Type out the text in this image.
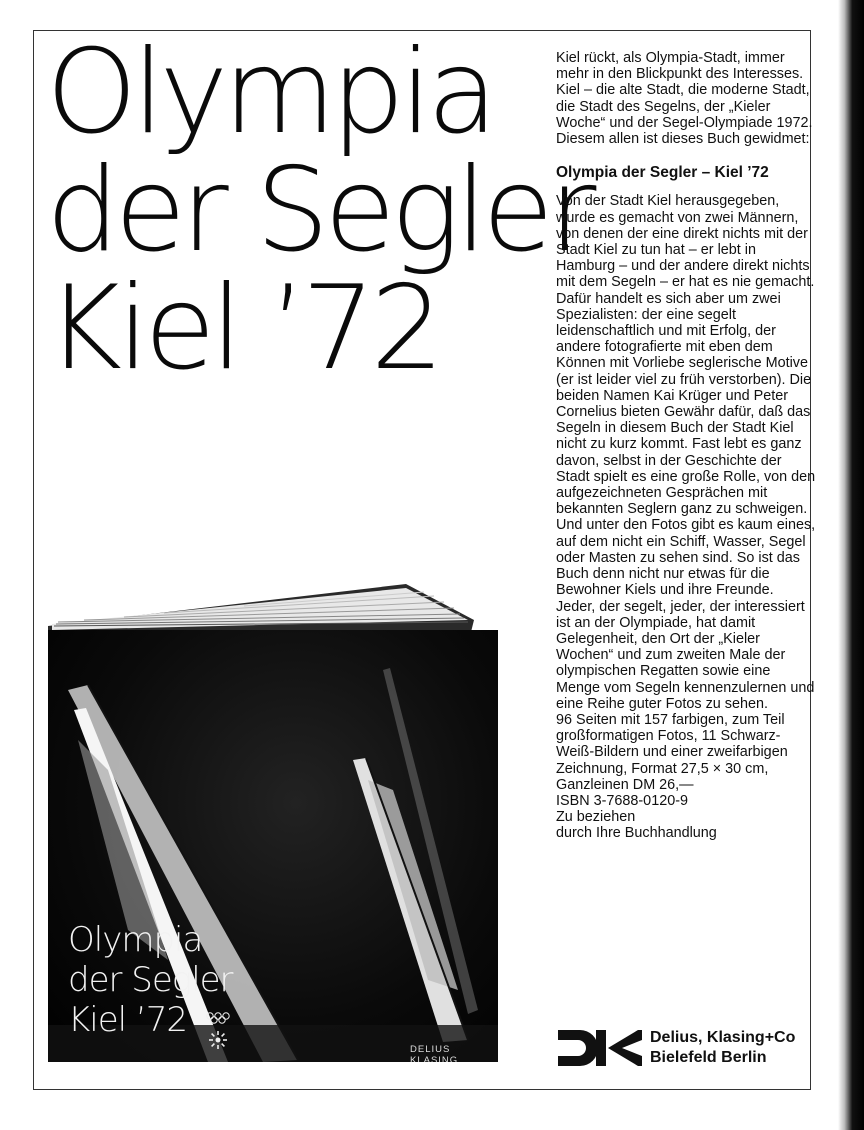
Olympia
der Segler
Kiel ’72

Kiel rückt, als Olympia-Stadt, immer mehr in den Blickpunkt des Interesses. Kiel – die alte Stadt, die moderne Stadt, die Stadt des Segelns, der „Kieler Woche“ und der Segel-Olympiade 1972. Diesem allen ist dieses Buch gewidmet:

Olympia der Segler – Kiel ’72

Von der Stadt Kiel herausgegeben, wurde es gemacht von zwei Männern, von denen der eine direkt nichts mit der Stadt Kiel zu tun hat – er lebt in Hamburg – und der andere direkt nichts mit dem Segeln – er hat es nie gemacht. Dafür handelt es sich aber um zwei Spezialisten: der eine segelt leidenschaftlich und mit Erfolg, der andere fotografierte mit eben dem Können mit Vorliebe seglerische Motive (er ist leider viel zu früh verstorben). Die beiden Namen Kai Krüger und Peter Cornelius bieten Gewähr dafür, daß das Segeln in diesem Buch der Stadt Kiel nicht zu kurz kommt. Fast lebt es ganz davon, selbst in der Geschichte der Stadt spielt es eine große Rolle, von den aufgezeichneten Gesprächen mit bekannten Seglern ganz zu schweigen. Und unter den Fotos gibt es kaum eines, auf dem nicht ein Schiff, Wasser, Segel oder Masten zu sehen sind. So ist das Buch denn nicht nur etwas für die Bewohner Kiels und ihre Freunde. Jeder, der segelt, jeder, der interessiert ist an der Olympiade, hat damit Gelegenheit, den Ort der „Kieler Wochen“ und zum zweiten Male der olympischen Regatten sowie eine Menge vom Segeln kennenzulernen und eine Reihe guter Fotos zu sehen.

96 Seiten mit 157 farbigen, zum Teil großformatigen Fotos, 11 Schwarz-Weiß-Bildern und einer zweifarbigen Zeichnung, Format 27,5 × 30 cm,

Ganzleinen DM 26,—

ISBN 3-7688-0120-9

Zu beziehen

durch Ihre Buchhandlung

Olympia
der Segler
Kiel ’72
DELIUS KLASING
Delius, Klasing+Co
Bielefeld Berlin
